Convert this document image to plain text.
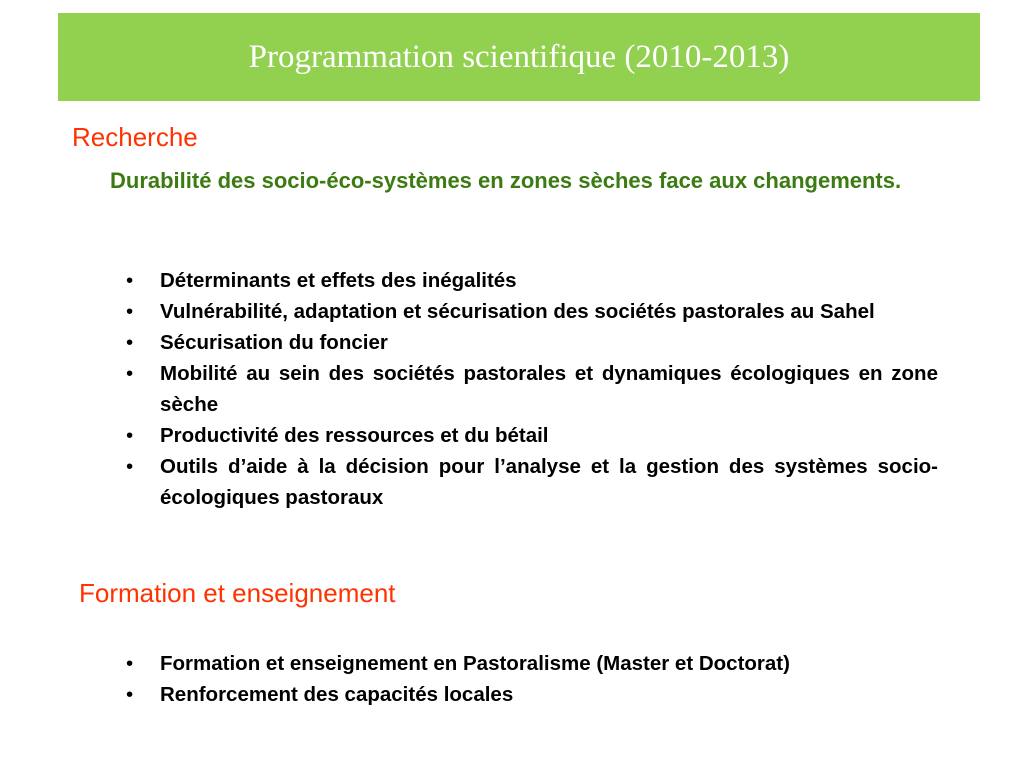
Programmation scientifique (2010-2013)
Recherche
Durabilité des socio-éco-systèmes en zones sèches face aux changements.
• Déterminants et effets des inégalités
• Vulnérabilité, adaptation et sécurisation des sociétés pastorales au Sahel
• Sécurisation du foncier
• Mobilité au sein des sociétés pastorales et dynamiques écologiques en zone sèche
• Productivité des ressources et du bétail
• Outils d’aide à la décision pour l’analyse et la gestion des systèmes socio-écologiques pastoraux
Formation et enseignement
• Formation et enseignement en Pastoralisme (Master et Doctorat)
• Renforcement des capacités locales
